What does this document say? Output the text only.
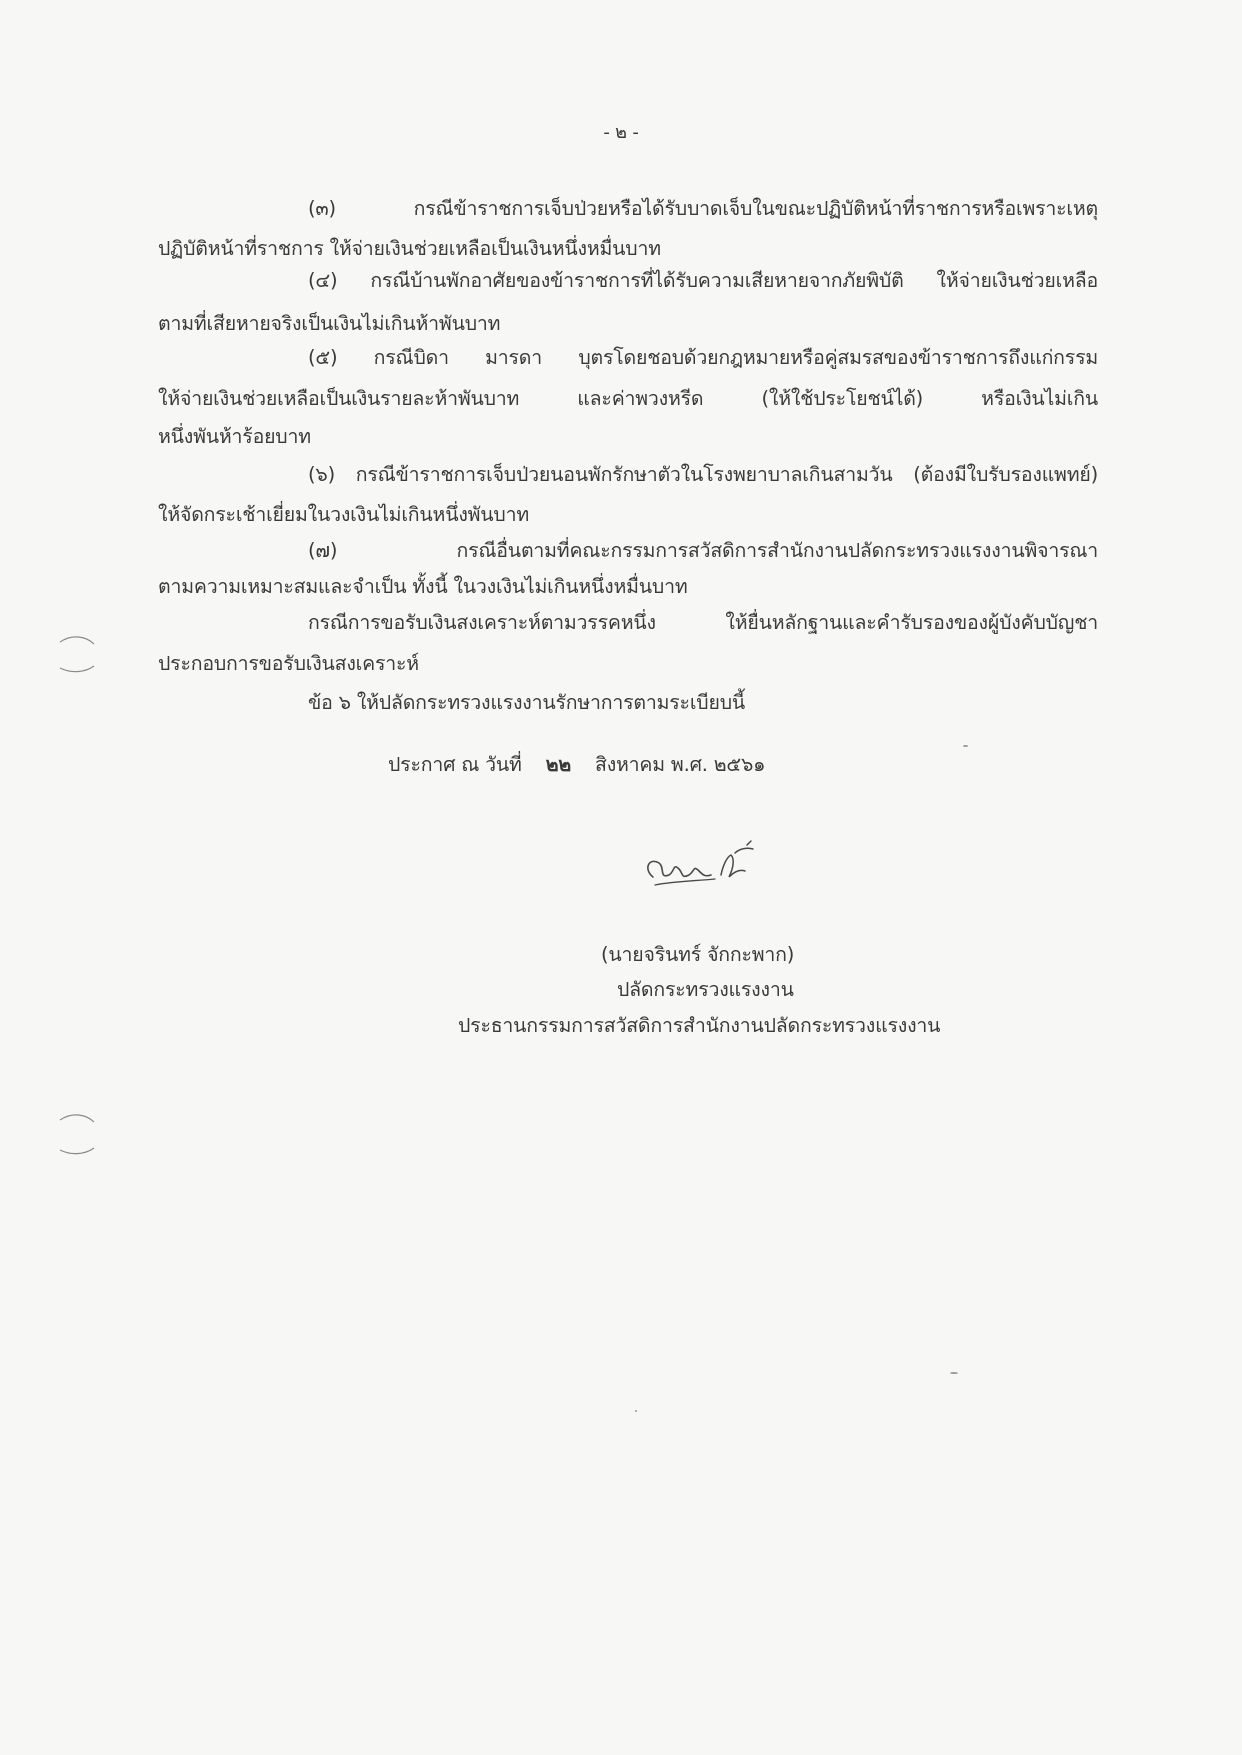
- ๒ -
(๓) กรณีข้าราชการเจ็บป่วยหรือได้รับบาดเจ็บในขณะปฏิบัติหน้าที่ราชการหรือเพราะเหตุ
ปฏิบัติหน้าที่ราชการ ให้จ่ายเงินช่วยเหลือเป็นเงินหนึ่งหมื่นบาท
(๔) กรณีบ้านพักอาศัยของข้าราชการที่ได้รับความเสียหายจากภัยพิบัติ ให้จ่ายเงินช่วยเหลือ
ตามที่เสียหายจริงเป็นเงินไม่เกินห้าพันบาท
(๕) กรณีบิดา มารดา บุตรโดยชอบด้วยกฎหมายหรือคู่สมรสของข้าราชการถึงแก่กรรม
ให้จ่ายเงินช่วยเหลือเป็นเงินรายละห้าพันบาท และค่าพวงหรีด (ให้ใช้ประโยชน์ได้) หรือเงินไม่เกิน
หนึ่งพันห้าร้อยบาท
(๖) กรณีข้าราชการเจ็บป่วยนอนพักรักษาตัวในโรงพยาบาลเกินสามวัน (ต้องมีใบรับรองแพทย์)
ให้จัดกระเช้าเยี่ยมในวงเงินไม่เกินหนึ่งพันบาท
(๗) กรณีอื่นตามที่คณะกรรมการสวัสดิการสำนักงานปลัดกระทรวงแรงงานพิจารณา
ตามความเหมาะสมและจำเป็น ทั้งนี้ ในวงเงินไม่เกินหนึ่งหมื่นบาท
กรณีการขอรับเงินสงเคราะห์ตามวรรคหนึ่ง ให้ยื่นหลักฐานและคำรับรองของผู้บังคับบัญชา
ประกอบการขอรับเงินสงเคราะห์
ข้อ ๖ ให้ปลัดกระทรวงแรงงานรักษาการตามระเบียบนี้
ประกาศ ณ วันที่ ๒๒ สิงหาคม พ.ศ. ๒๕๖๑
(นายจรินทร์ จักกะพาก)
ปลัดกระทรวงแรงงาน
ประธานกรรมการสวัสดิการสำนักงานปลัดกระทรวงแรงงาน
